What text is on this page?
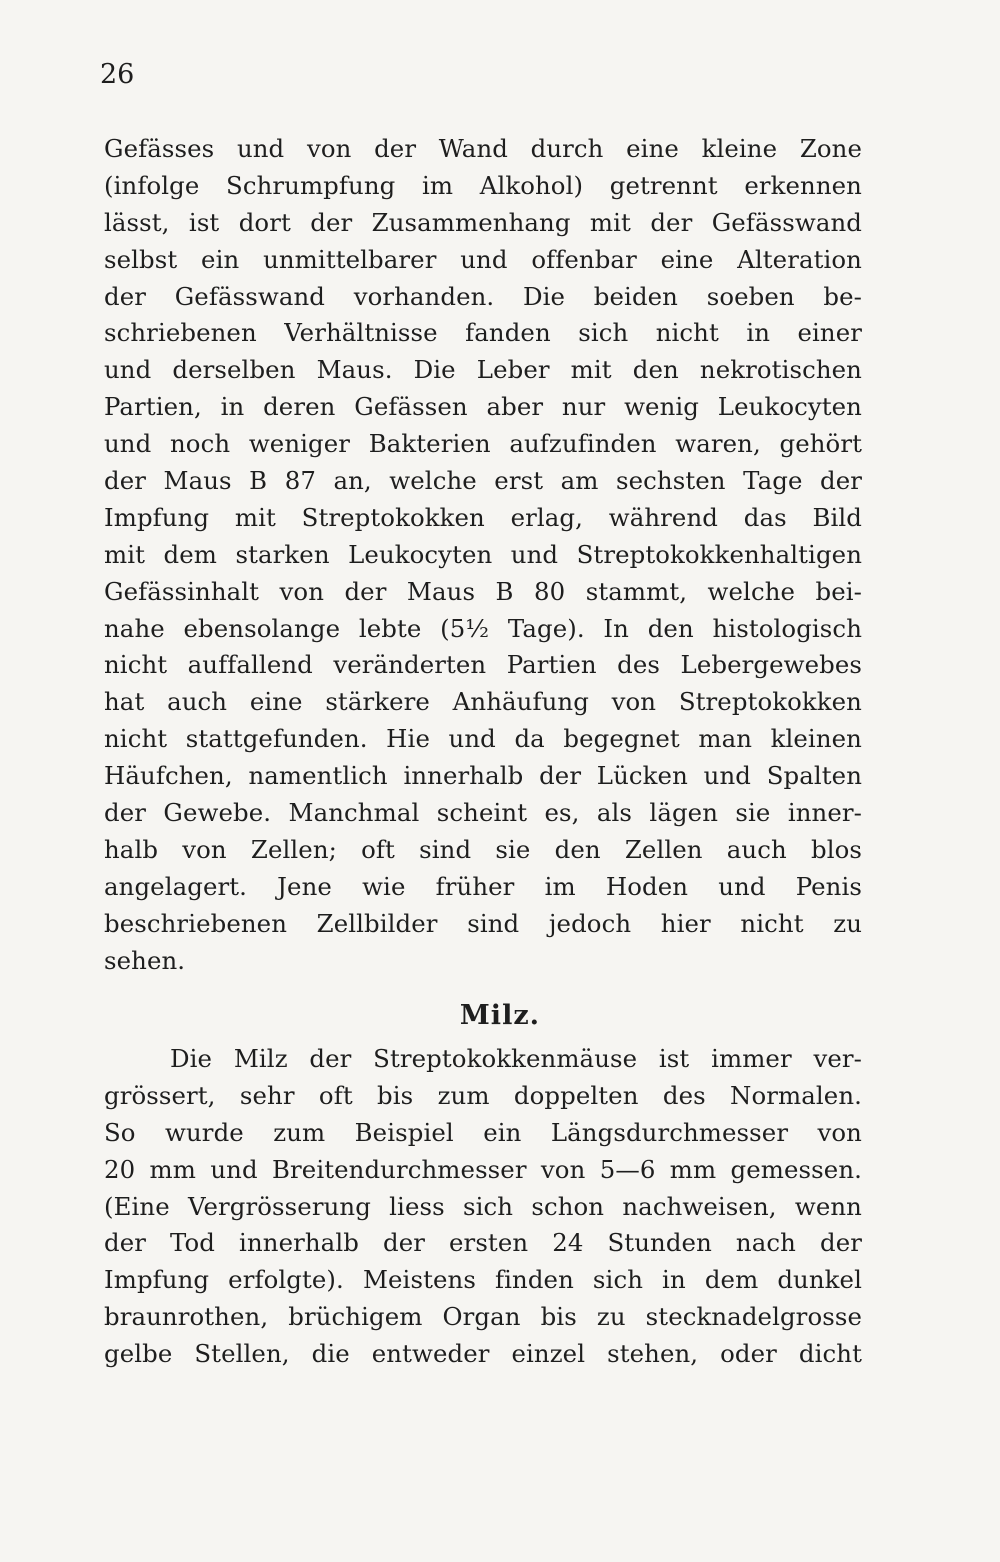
26
Gefässes und von der Wand durch eine kleine Zone
(infolge Schrumpfung im Alkohol) getrennt erkennen
lässt, ist dort der Zusammenhang mit der Gefässwand
selbst ein unmittelbarer und offenbar eine Alteration
der Gefässwand vorhanden. Die beiden soeben be-
schriebenen Verhältnisse fanden sich nicht in einer
und derselben Maus. Die Leber mit den nekrotischen
Partien, in deren Gefässen aber nur wenig Leukocyten
und noch weniger Bakterien aufzufinden waren, gehört
der Maus B 87 an, welche erst am sechsten Tage der
Impfung mit Streptokokken erlag, während das Bild
mit dem starken Leukocyten und Streptokokkenhaltigen
Gefässinhalt von der Maus B 80 stammt, welche bei-
nahe ebensolange lebte (5½ Tage). In den histologisch
nicht auffallend veränderten Partien des Lebergewebes
hat auch eine stärkere Anhäufung von Streptokokken
nicht stattgefunden. Hie und da begegnet man kleinen
Häufchen, namentlich innerhalb der Lücken und Spalten
der Gewebe. Manchmal scheint es, als lägen sie inner-
halb von Zellen; oft sind sie den Zellen auch blos
angelagert. Jene wie früher im Hoden und Penis
beschriebenen Zellbilder sind jedoch hier nicht zu
sehen.
Milz.
Die Milz der Streptokokkenmäuse ist immer ver-
grössert, sehr oft bis zum doppelten des Normalen.
So wurde zum Beispiel ein Längsdurchmesser von
20 mm und Breitendurchmesser von 5—6 mm gemessen.
(Eine Vergrösserung liess sich schon nachweisen, wenn
der Tod innerhalb der ersten 24 Stunden nach der
Impfung erfolgte). Meistens finden sich in dem dunkel
braunrothen, brüchigem Organ bis zu stecknadelgrosse
gelbe Stellen, die entweder einzel stehen, oder dicht
